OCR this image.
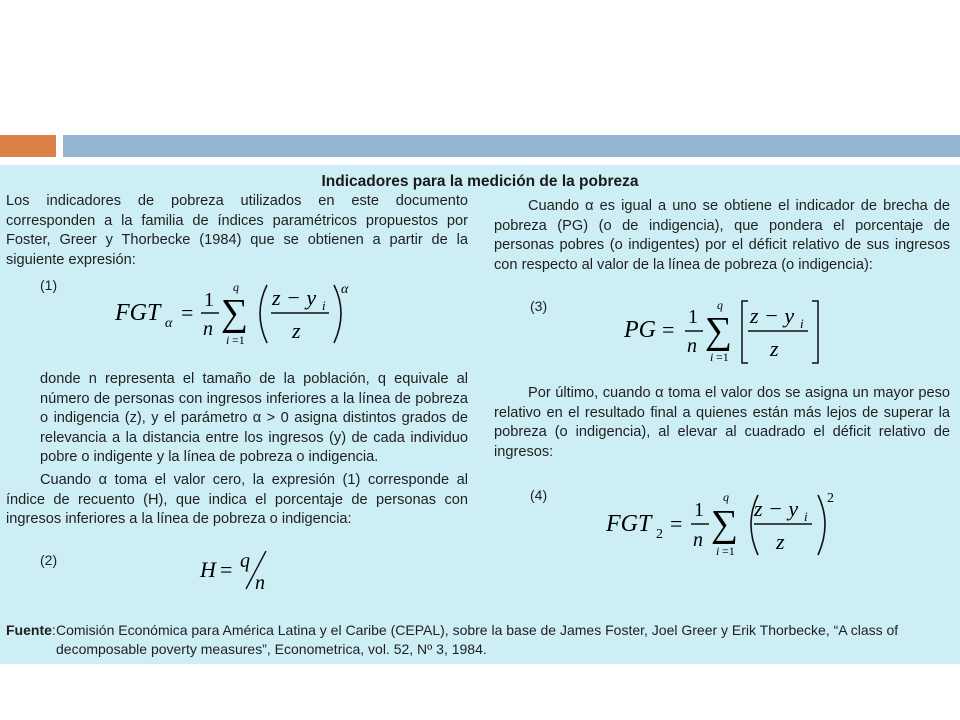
Indicadores para la medición de la pobreza
Los indicadores de pobreza utilizados en este documento corresponden a la familia de índices paramétricos propuestos por Foster, Greer y Thorbecke (1984) que se obtienen a partir de la siguiente expresión:
(1)
FGT α = 1
n
q
∑
i =1
z − y i
z
α
donde n representa el tamaño de la población, q equivale al número de personas con ingresos inferiores a la línea de pobreza o indigencia (z), y el parámetro α > 0 asigna distintos grados de relevancia a la distancia entre los ingresos (y) de cada individuo pobre o indigente y la línea de pobreza o indigencia.
Cuando α toma el valor cero, la expresión (1) corresponde al índice de recuento (H), que indica el porcentaje de personas con ingresos inferiores a la línea de pobreza o indigencia:
(2)	H = q
n
Cuando α es igual a uno se obtiene el indicador de brecha de pobreza (PG) (o de indigencia), que pondera el porcentaje de personas pobres (o indigentes) por el déficit relativo de sus ingresos con respecto al valor de la línea de pobreza (o indigencia):
(3)
PG = 1
n
q
∑
i =1
z − y i
z
Por último, cuando α toma el valor dos se asigna un mayor peso relativo en el resultado final a quienes están más lejos de superar la pobreza (o indigencia), al elevar al cuadrado el déficit relativo de ingresos:
(4)
FGT 2 =
1
n
q
∑
i =1
z − y i
z
2
Fuente:Comisión Económica para América Latina y el Caribe (CEPAL), sobre la base de James Foster, Joel Greer y Erik Thorbecke, “A class of decomposable poverty measures”, Econometrica, vol. 52, Nº 3, 1984.
